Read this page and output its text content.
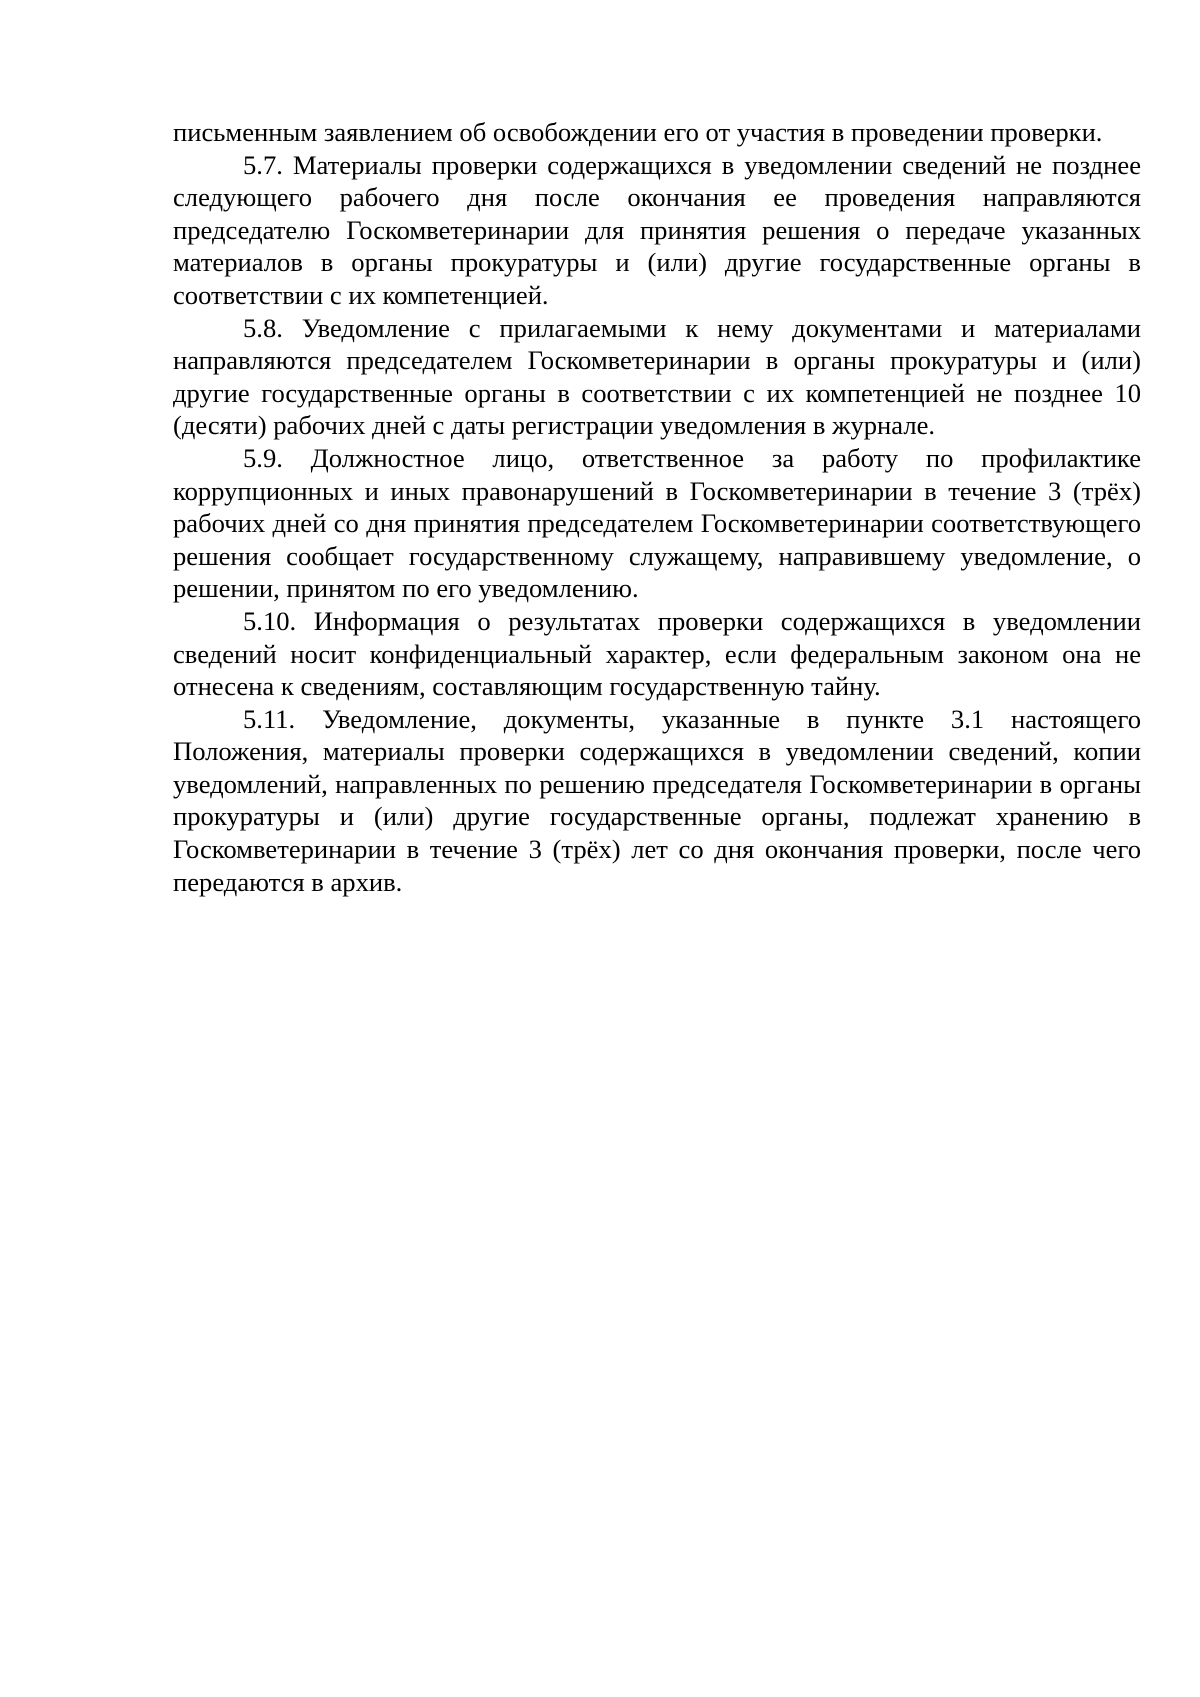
письменным заявлением об освобождении его от участия в проведении проверки.

5.7. Материалы проверки содержащихся в уведомлении сведений не позднее следующего рабочего дня после окончания ее проведения направляются председателю Госкомветеринарии для принятия решения о передаче указанных материалов в органы прокуратуры и (или) другие государственные органы в соответствии с их компетенцией.

5.8. Уведомление с прилагаемыми к нему документами и материалами направляются председателем Госкомветеринарии в органы прокуратуры и (или) другие государственные органы в соответствии с их компетенцией не позднее 10 (десяти) рабочих дней с даты регистрации уведомления в журнале.

5.9. Должностное лицо, ответственное за работу по профилактике коррупционных и иных правонарушений в Госкомветеринарии в течение 3 (трёх) рабочих дней со дня принятия председателем Госкомветеринарии соответствующего решения сообщает государственному служащему, направившему уведомление, о решении, принятом по его уведомлению.

5.10. Информация о результатах проверки содержащихся в уведомлении сведений носит конфиденциальный характер, если федеральным законом она не отнесена к сведениям, составляющим государственную тайну.

5.11. Уведомление, документы, указанные в пункте 3.1 настоящего Положения, материалы проверки содержащихся в уведомлении сведений, копии уведомлений, направленных по решению председателя Госкомветеринарии в органы прокуратуры и (или) другие государственные органы, подлежат хранению в Госкомветеринарии в течение 3 (трёх) лет со дня окончания проверки, после чего передаются в архив.
